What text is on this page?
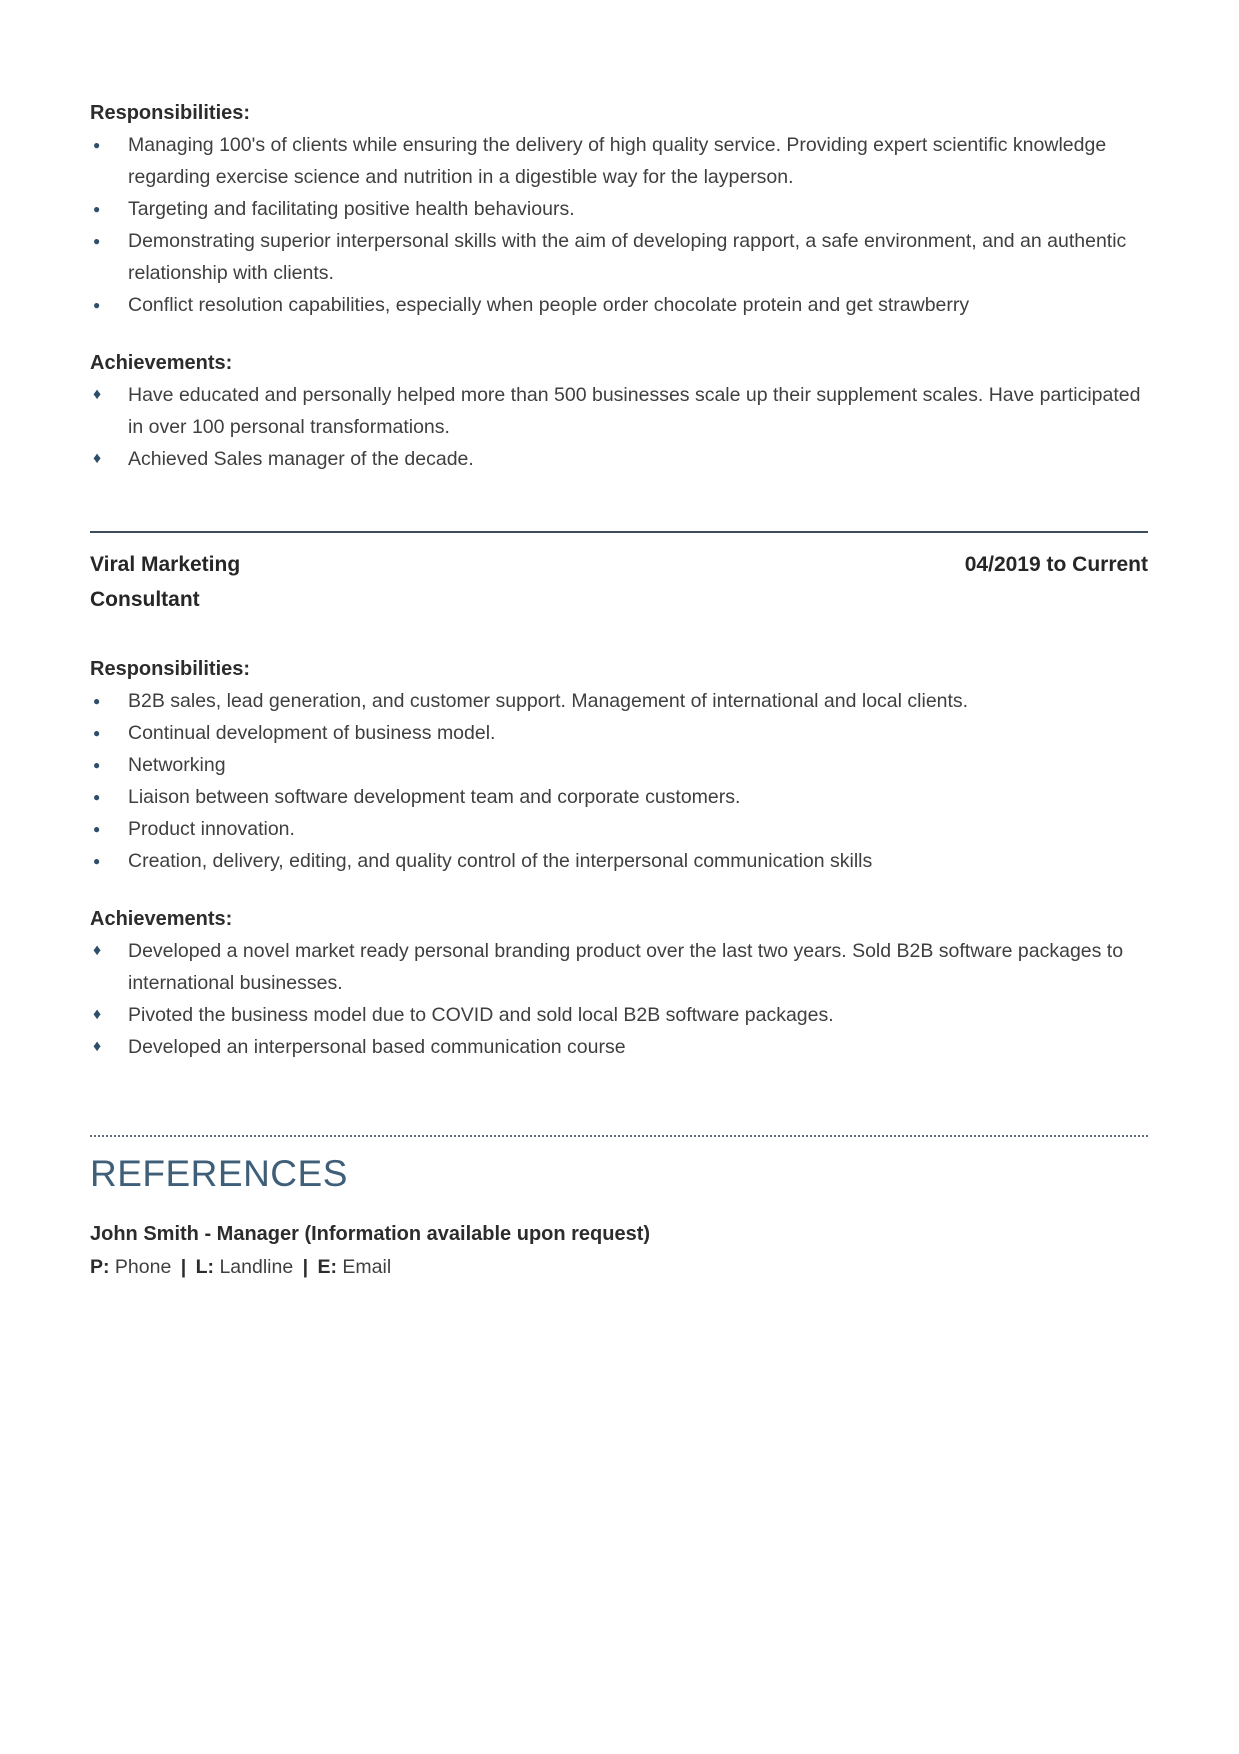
Responsibilities:
●	Managing 100's of clients while ensuring the delivery of high quality service. Providing expert scientific knowledge regarding exercise science and nutrition in a digestible way for the layperson.
●	Targeting and facilitating positive health behaviours.
●	Demonstrating superior interpersonal skills with the aim of developing rapport, a safe environment, and an authentic relationship with clients.
●	Conflict resolution capabilities, especially when people order chocolate protein and get strawberry
Achievements:
♦	Have educated and personally helped more than 500 businesses scale up their supplement scales. Have participated in over 100 personal transformations.
♦	Achieved Sales manager of the decade.
Viral Marketing Consultant
04/2019 to Current
Responsibilities:
●	B2B sales, lead generation, and customer support. Management of international and local clients.
●	Continual development of business model.
●	Networking
●	Liaison between software development team and corporate customers.
●	Product innovation.
●	Creation, delivery, editing, and quality control of the interpersonal communication skills
Achievements:
♦	Developed a novel market ready personal branding product over the last two years. Sold B2B software packages to international businesses.
♦	Pivoted the business model due to COVID and sold local B2B software packages.
♦	Developed an interpersonal based communication course
REFERENCES
John Smith - Manager (Information available upon request)
P: Phone | L: Landline | E: Email
